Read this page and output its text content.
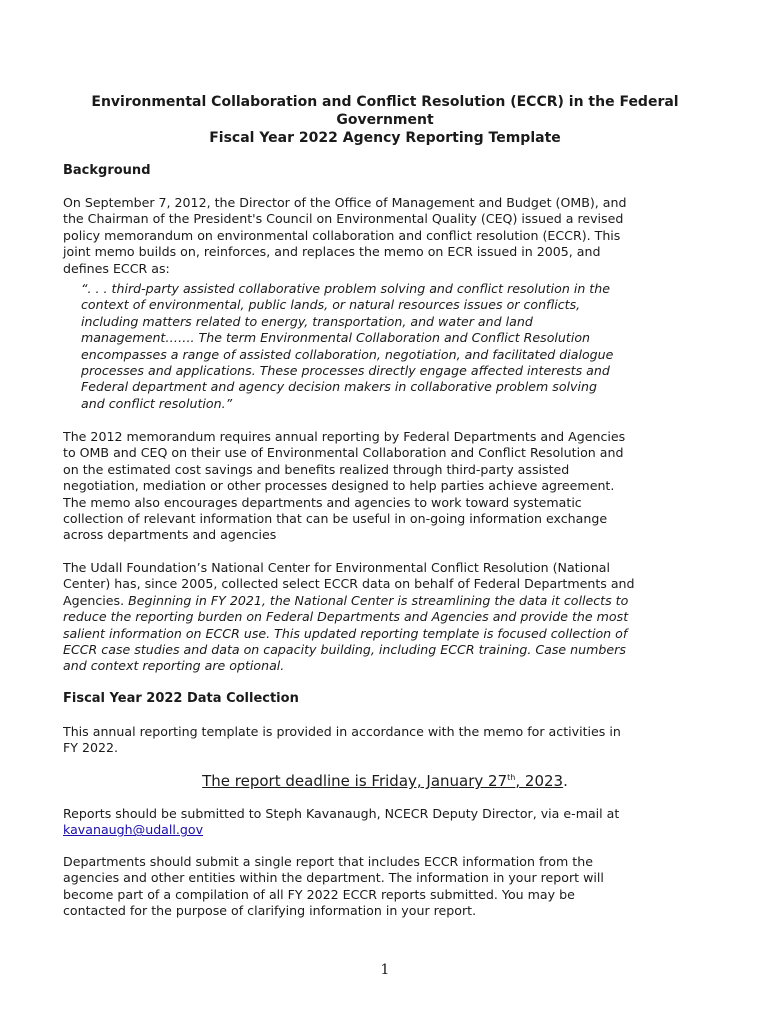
Environmental Collaboration and Conflict Resolution (ECCR) in the Federal
Government
Fiscal Year 2022 Agency Reporting Template
Background
On September 7, 2012, the Director of the Office of Management and Budget (OMB), and
the Chairman of the President's Council on Environmental Quality (CEQ) issued a revised
policy memorandum on environmental collaboration and conflict resolution (ECCR). This
joint memo builds on, reinforces, and replaces the memo on ECR issued in 2005, and
defines ECCR as:
“. . . third-party assisted collaborative problem solving and conflict resolution in the
context of environmental, public lands, or natural resources issues or conflicts,
including matters related to energy, transportation, and water and land
management……. The term Environmental Collaboration and Conflict Resolution
encompasses a range of assisted collaboration, negotiation, and facilitated dialogue
processes and applications. These processes directly engage affected interests and
Federal department and agency decision makers in collaborative problem solving
and conflict resolution.”
The 2012 memorandum requires annual reporting by Federal Departments and Agencies
to OMB and CEQ on their use of Environmental Collaboration and Conflict Resolution and
on the estimated cost savings and benefits realized through third-party assisted
negotiation, mediation or other processes designed to help parties achieve agreement.
The memo also encourages departments and agencies to work toward systematic
collection of relevant information that can be useful in on-going information exchange
across departments and agencies
The Udall Foundation’s National Center for Environmental Conflict Resolution (National
Center) has, since 2005, collected select ECCR data on behalf of Federal Departments and
Agencies. Beginning in FY 2021, the National Center is streamlining the data it collects to
reduce the reporting burden on Federal Departments and Agencies and provide the most
salient information on ECCR use. This updated reporting template is focused collection of
ECCR case studies and data on capacity building, including ECCR training. Case numbers
and context reporting are optional.
Fiscal Year 2022 Data Collection
This annual reporting template is provided in accordance with the memo for activities in
FY 2022.
The report deadline is Friday, January 27th, 2023.
Reports should be submitted to Steph Kavanaugh, NCECR Deputy Director, via e-mail at
kavanaugh@udall.gov
Departments should submit a single report that includes ECCR information from the
agencies and other entities within the department. The information in your report will
become part of a compilation of all FY 2022 ECCR reports submitted. You may be
contacted for the purpose of clarifying information in your report.
1
